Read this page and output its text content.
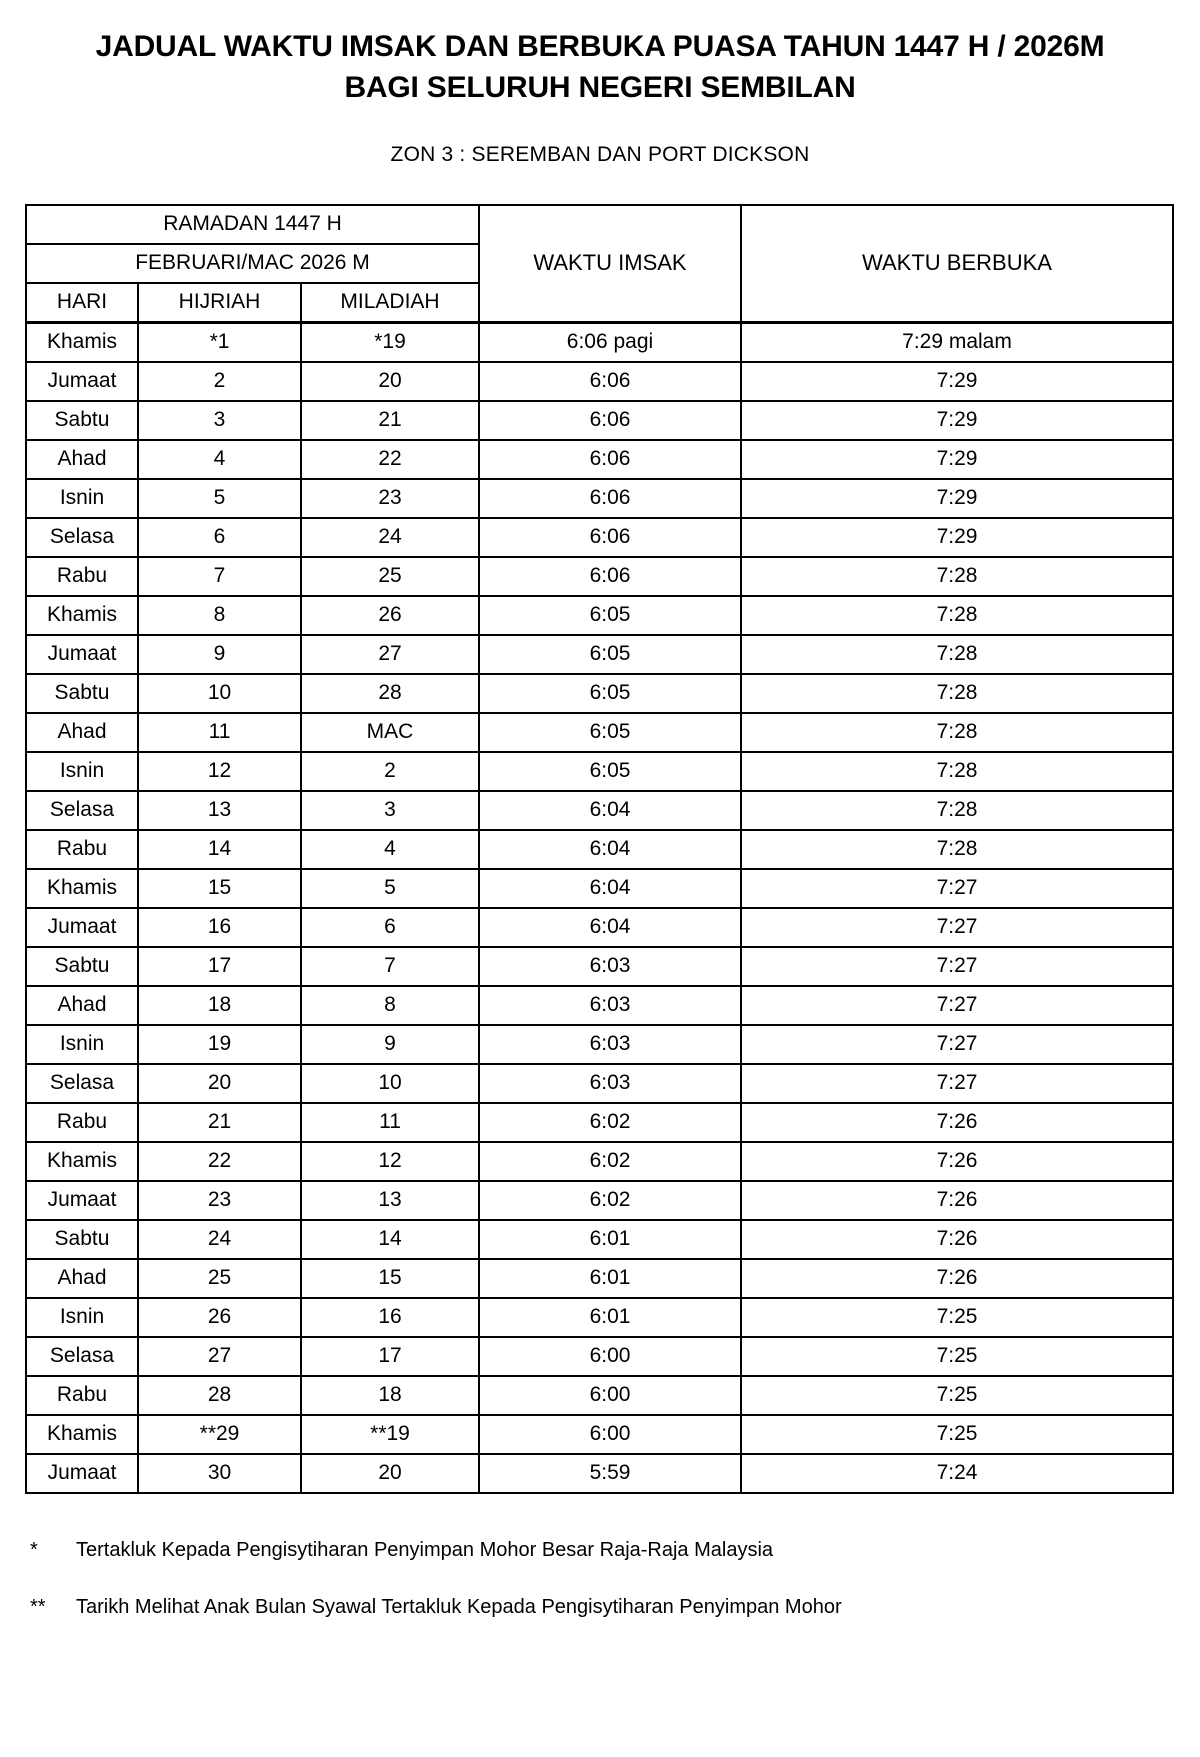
JADUAL WAKTU IMSAK DAN BERBUKA PUASA TAHUN 1447 H / 2026M
BAGI SELURUH NEGERI SEMBILAN
ZON 3 : SEREMBAN DAN PORT DICKSON
RAMADAN 1447 H			WAKTU IMSAK	WAKTU BERBUKA
FEBRUARI/MAC 2026 M				
HARI	HIJRIAH	MILADIAH		
Khamis	*1	*19	6:06 pagi	7:29 malam
Jumaat	2	20	6:06	7:29
Sabtu	3	21	6:06	7:29
Ahad	4	22	6:06	7:29
Isnin	5	23	6:06	7:29
Selasa	6	24	6:06	7:29
Rabu	7	25	6:06	7:28
Khamis	8	26	6:05	7:28
Jumaat	9	27	6:05	7:28
Sabtu	10	28	6:05	7:28
Ahad	11	MAC	6:05	7:28
Isnin	12	2	6:05	7:28
Selasa	13	3	6:04	7:28
Rabu	14	4	6:04	7:28
Khamis	15	5	6:04	7:27
Jumaat	16	6	6:04	7:27
Sabtu	17	7	6:03	7:27
Ahad	18	8	6:03	7:27
Isnin	19	9	6:03	7:27
Selasa	20	10	6:03	7:27
Rabu	21	11	6:02	7:26
Khamis	22	12	6:02	7:26
Jumaat	23	13	6:02	7:26
Sabtu	24	14	6:01	7:26
Ahad	25	15	6:01	7:26
Isnin	26	16	6:01	7:25
Selasa	27	17	6:00	7:25
Rabu	28	18	6:00	7:25
Khamis	**29	**19	6:00	7:25
Jumaat	30	20	5:59	7:24
*	Tertakluk Kepada Pengisytiharan Penyimpan Mohor Besar Raja-Raja Malaysia
**	Tarikh Melihat Anak Bulan Syawal Tertakluk Kepada Pengisytiharan Penyimpan Mohor
